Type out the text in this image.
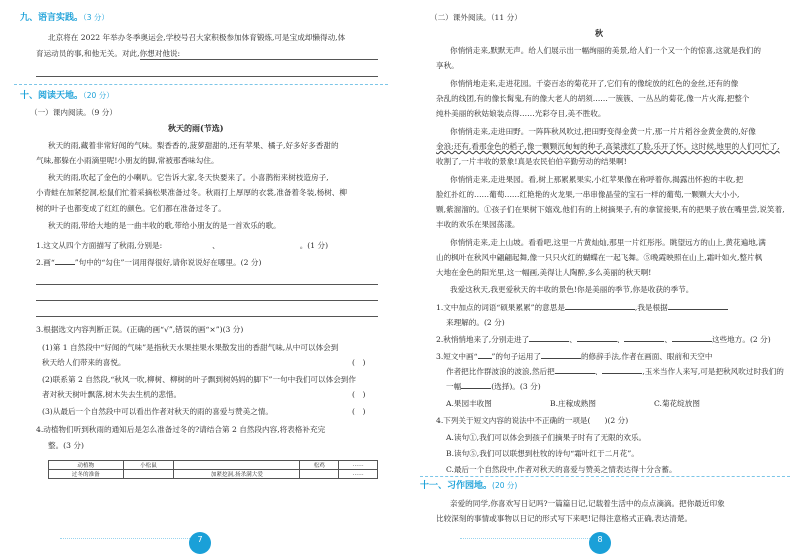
九、语言实践。（3 分）
北京将在 2022 年举办冬季奥运会,学校号召大家积极参加体育锻炼,可是宝成却懒得动,体
育运动员的事,和他无关。对此,你想对他说:
十、阅读天地。（20 分）
（一）课内阅读。（9 分）
秋天的雨(节选)
秋天的雨,藏着非常好闻的气味。梨香香的,菠萝甜甜的,还有苹果、橘子,好多好多香甜的
气味,都躲在小雨滴里呢!小朋友的脚,常被那香味勾住。
秋天的雨,吹起了金色的小喇叭。它告诉大家,冬天快要来了。小喜鹊衔来树枝造房子,
小青蛙在加紧挖洞,松鼠们忙着采摘松果准备过冬。秋雨打上厚厚的衣裳,准备着冬装,杨树、柳
树的叶子也都变成了红红的颜色。它们都在准备过冬了。
秋天的雨,带给大地的是一曲丰收的歌,带给小朋友的是一首欢乐的歌。
1.这文从四个方面描写了秋雨,分别是:	、	。(1 分)
2.画“	”句中的“勾住”一词用得很好,请你说说好在哪里。(2 分)
3.根据选文内容判断正误。(正确的画“√”,错误的画“×”)(3 分)
(1)第 1 自然段中“好闻的气味”是指秋天水果挂果水果散发出的香甜气味,从中可以体会到
秋天给人们带来的喜悦。	(　)
(2)联系第 2 自然段,“秋风一吹,柳树、柳树的叶子飘到树妈妈的脚下”一句中我们可以体会到作
者对秋天树叶飘落,树木失去生机的悲惜。	(　)
(3)从最后一个自然段中可以看出作者对秋天的雨的喜爱与赞美之情。	(　)
4.动植物们听到秋雨的通知后是怎么准备过冬的?请结合第 2 自然段内容,将表格补充完
整。(3 分)
动植物	小松鼠		松鸡	……
过冬的准备		加紧挖洞,扬杀满大爱		……
7
（二）课外阅读。（11 分）
秋
你悄悄走来,默默无声。给人们展示出一幅绚丽的美景,给人们一个又一个的惊喜,这就是我们的
享秋。
你悄悄地走来,走进花园。千姿百态的菊花开了,它们有的像绽放的红色的金丝,还有的像
杂乱的线团,有的像长髯鬼,有的像大老人的胡须……一簇簇、一丛丛的菊花,像一片火海,把整个
纯朴美丽的秋姑娘装点得……光彩夺目,美不胜收。
你悄悄走来,走进田野。一阵阵秋风吹过,把田野变得金黄一片,那一片片稻谷金黄金黄的,好像
金浪;还有,看那金色的稻子,像一颗颗沉甸甸的种子,高粱涨红了脸,乐开了怀。这时候,地里的人们可忙了,
收割了,一片丰收的景象!真是农民伯伯辛勤劳动的结果啊!
你悄悄走来,走进果园。看,树上那累累果实,小红苹果像在称呼着你,揭露出怀抱的丰收,把
脸红扑红的……葡萄……红艳艳的火龙果,一串串像晶莹的宝石一样的葡萄,一颗颗大大小小,
颗,紫溜溜的。①孩子们在果树下嬉戏,他们有的上树摘果子,有的拿筐接果,有的把果子放在嘴里尝,说笑着,
丰收的欢乐在果园荡漾。
你悄悄走来,走上山坡。看看吧,这里一片黄灿灿,那里一片红彤彤。眺望远方的山上,黄花遍地,满
山的枫叶在秋风中翩翩起舞,像一只只火红的蝴蝶在一起飞舞。⑤晚霞映照在山上,霜叶如火,整片枫
大地在金色的阳光里,这一幅画,美得让人陶醉,多么美丽的秋天啊!
我爱这秋天,我更爱秋天的丰收的景色!你是美丽的季节,你是收获的季节。
1.文中加点的词语“硕果累累”的意思是	,我是根据
来理解的。(2 分)
2.秋悄悄地来了,分别走进了	、	、	、	这些地方。(2 分)
3.短文中画“ ”的句子运用了	的修辞手法,作者在画面、眼前和天空中
作者把比作群波浪的波浪,然后把	、	,玉米当作人来写,可是把秋风吹过时我们的
一幅	(选择)。(3 分)
A.果园丰收图	B.庄稼成熟图	C.菊花绽放图
4.下列关于短文内容的说法中不正确的一项是( )(2 分)
A.读句①,我们可以体会到孩子们摘果子时有了无限的欢乐。
B.读句⑤,我们可以联想到杜牧的诗句“霜叶红于二月花”。
C.最后一个自然段中,作者对秋天的喜爱与赞美之情表达得十分含蓄。
十一、习作园地。(20 分)
亲爱的同学,你喜欢写日记吗?一篇篇日记,记载着生活中的点点滴滴。把你最近印象
比较深刻的事情或事物以日记的形式写下来吧!记得注意格式正确,表达清楚。
8
